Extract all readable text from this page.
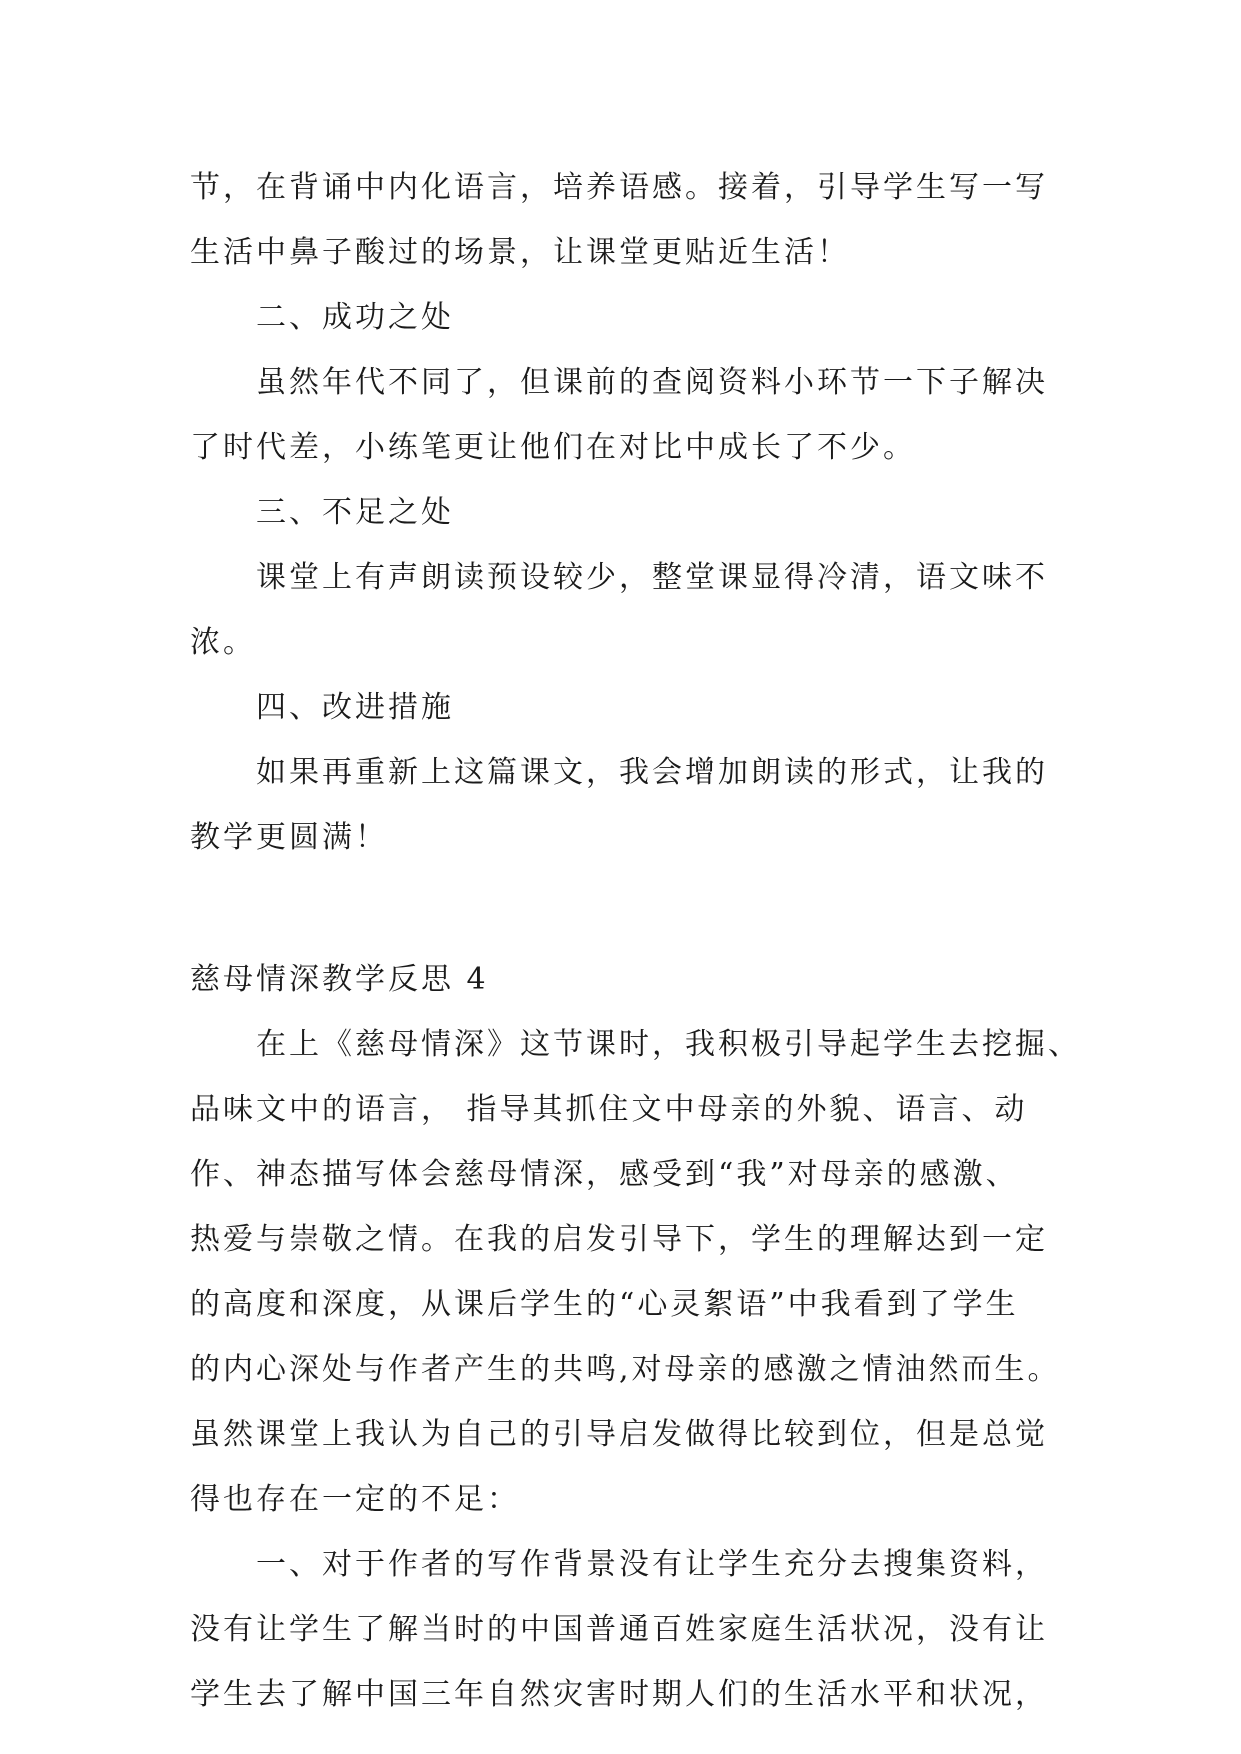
节，在背诵中内化语言，培养语感。接着，引导学生写一写
生活中鼻子酸过的场景，让课堂更贴近生活！
二、成功之处
虽然年代不同了，但课前的查阅资料小环节一下子解决
了时代差，小练笔更让他们在对比中成长了不少。
三、不足之处
课堂上有声朗读预设较少，整堂课显得冷清，语文味不
浓。
四、改进措施
如果再重新上这篇课文，我会增加朗读的形式，让我的
教学更圆满！
慈母情深教学反思 4
在上《慈母情深》这节课时，我积极引导起学生去挖掘、
品味文中的语言， 指导其抓住文中母亲的外貌、语言、动
作、神态描写体会慈母情深，感受到“我”对母亲的感激、
热爱与崇敬之情。在我的启发引导下，学生的理解达到一定
的高度和深度，从课后学生的“心灵絮语”中我看到了学生
的内心深处与作者产生的共鸣,对母亲的感激之情油然而生。
虽然课堂上我认为自己的引导启发做得比较到位，但是总觉
得也存在一定的不足：
一、对于作者的写作背景没有让学生充分去搜集资料，
没有让学生了解当时的中国普通百姓家庭生活状况，没有让
学生去了解中国三年自然灾害时期人们的生活水平和状况，
